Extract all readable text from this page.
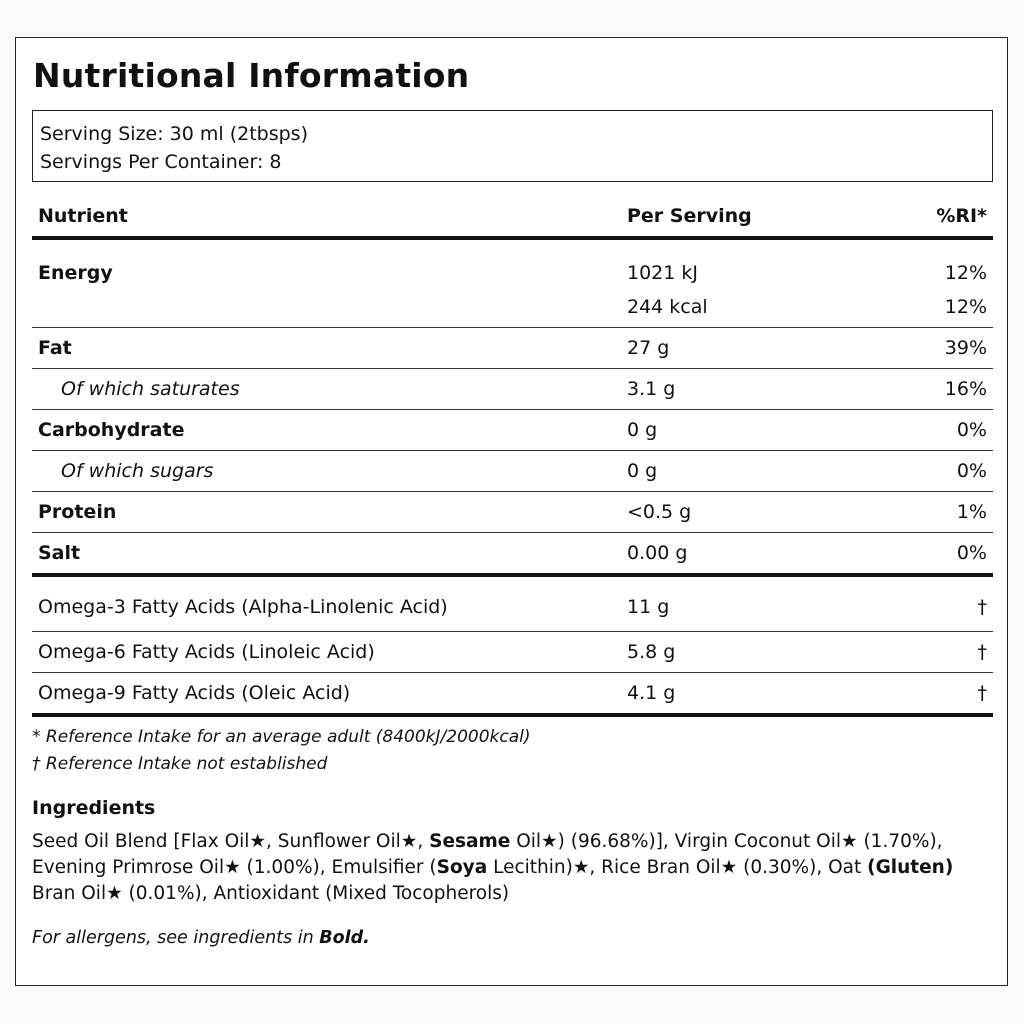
Nutritional Information
Serving Size: 30 ml (2tbsps)
Servings Per Container: 8
Nutrient	Per Serving	%RI*
Energy	1021 kJ	12%
	244 kcal	12%
Fat	27 g	39%
Of which saturates	3.1 g	16%
Carbohydrate	0 g	0%
Of which sugars	0 g	0%
Protein	<0.5 g	1%
Salt	0.00 g	0%
Omega-3 Fatty Acids (Alpha-Linolenic Acid)	11 g	†
Omega-6 Fatty Acids (Linoleic Acid)	5.8 g	†
Omega-9 Fatty Acids (Oleic Acid)	4.1 g	†
* Reference Intake for an average adult (8400kJ/2000kcal)
† Reference Intake not established
Ingredients
Seed Oil Blend [Flax Oil★, Sunflower Oil★, Sesame Oil★) (96.68%)], Virgin Coconut Oil★ (1.70%), Evening Primrose Oil★ (1.00%), Emulsifier (Soya Lecithin)★, Rice Bran Oil★ (0.30%), Oat (Gluten) Bran Oil★ (0.01%), Antioxidant (Mixed Tocopherols)
For allergens, see ingredients in Bold.
